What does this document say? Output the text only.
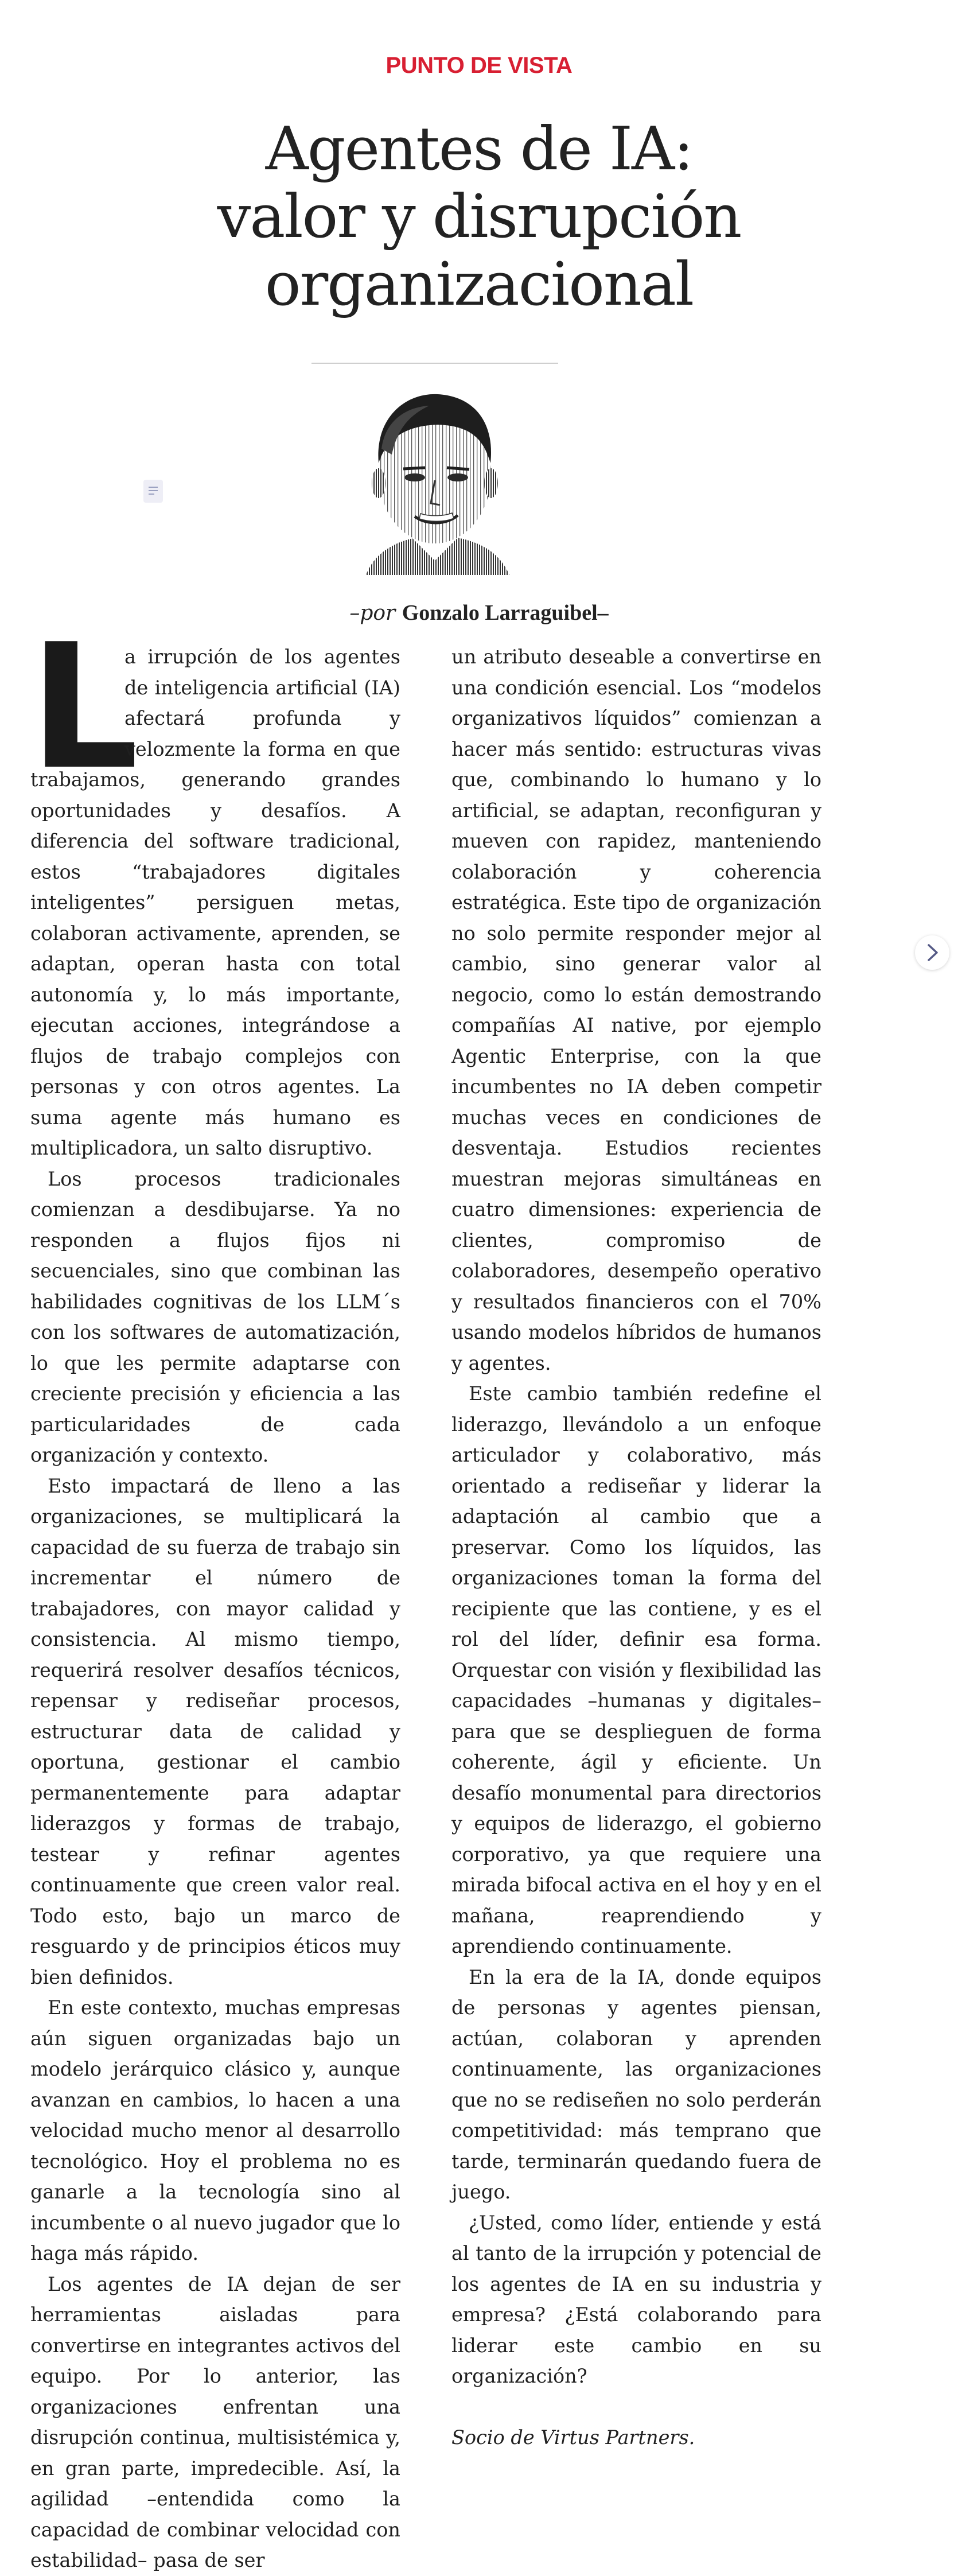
PUNTO DE VISTA
Agentes de IA:
valor y disrupción
organizacional
–por Gonzalo Larraguibel–
L

a irrupción de los agentes de inteligencia artificial (IA) afectará profunda y velozmente la forma en que trabajamos, generando grandes oportunidades y desafíos. A diferencia del software tradicional, estos “trabajadores digitales inteligentes” persiguen metas, colaboran activamente, aprenden, se adaptan, operan hasta con total autonomía y, lo más importante, ejecutan acciones, integrándose a flujos de trabajo complejos con personas y con otros agentes. La suma agente más humano es multiplicadora, un salto disruptivo.

Los procesos tradicionales comienzan a desdibujarse. Ya no responden a flujos fijos ni secuenciales, sino que combinan las habilidades cognitivas de los LLM´s con los softwares de automatización, lo que les permite adaptarse con creciente precisión y eficiencia a las particularidades de cada organización y contexto.

Esto impactará de lleno a las organizaciones, se multiplicará la capacidad de su fuerza de trabajo sin incrementar el número de trabajadores, con mayor calidad y consistencia. Al mismo tiempo, requerirá resolver desafíos técnicos, repensar y rediseñar procesos, estructurar data de calidad y oportuna, gestionar el cambio permanentemente para adaptar liderazgos y formas de trabajo, testear y refinar agentes continuamente que creen valor real. Todo esto, bajo un marco de resguardo y de principios éticos muy bien definidos.

En este contexto, muchas empresas aún siguen organizadas bajo un modelo jerárquico clásico y, aunque avanzan en cambios, lo hacen a una velocidad mucho menor al desarrollo tecnológico. Hoy el problema no es ganarle a la tecnología sino al incumbente o al nuevo jugador que lo haga más rápido.

Los agentes de IA dejan de ser herramientas aisladas para convertirse en integrantes activos del equipo. Por lo anterior, las organizaciones enfrentan una disrupción continua, multisistémica y, en gran parte, impredecible. Así, la agilidad –entendida como la capacidad de combinar velocidad con estabilidad– pasa de ser

un atributo deseable a convertirse en una condición esencial. Los “modelos organizativos líquidos” comienzan a hacer más sentido: estructuras vivas que, combinando lo humano y lo artificial, se adaptan, reconfiguran y mueven con rapidez, manteniendo colaboración y coherencia estratégica. Este tipo de organización no solo permite responder mejor al cambio, sino generar valor al negocio, como lo están demostrando compañías AI native, por ejemplo Agentic Enterprise, con la que incumbentes no IA deben competir muchas veces en condiciones de desventaja. Estudios recientes muestran mejoras simultáneas en cuatro dimensiones: experiencia de clientes, compromiso de colaboradores, desempeño operativo y resultados financieros con el 70% usando modelos híbridos de humanos y agentes.

Este cambio también redefine el liderazgo, llevándolo a un enfoque articulador y colaborativo, más orientado a rediseñar y liderar la adaptación al cambio que a preservar. Como los líquidos, las organizaciones toman la forma del recipiente que las contiene, y es el rol del líder, definir esa forma. Orquestar con visión y flexibilidad las capacidades –humanas y digitales– para que se desplieguen de forma coherente, ágil y eficiente. Un desafío monumental para directorios y equipos de liderazgo, el gobierno corporativo, ya que requiere una mirada bifocal activa en el hoy y en el mañana, reaprendiendo y aprendiendo continuamente.

En la era de la IA, donde equipos de personas y agentes piensan, actúan, colaboran y aprenden continuamente, las organizaciones que no se rediseñen no solo perderán competitividad: más temprano que tarde, terminarán quedando fuera de juego.

¿Usted, como líder, entiende y está al tanto de la irrupción y potencial de los agentes de IA en su industria y empresa? ¿Está colaborando para liderar este cambio en su organización?

Socio de Virtus Partners.
